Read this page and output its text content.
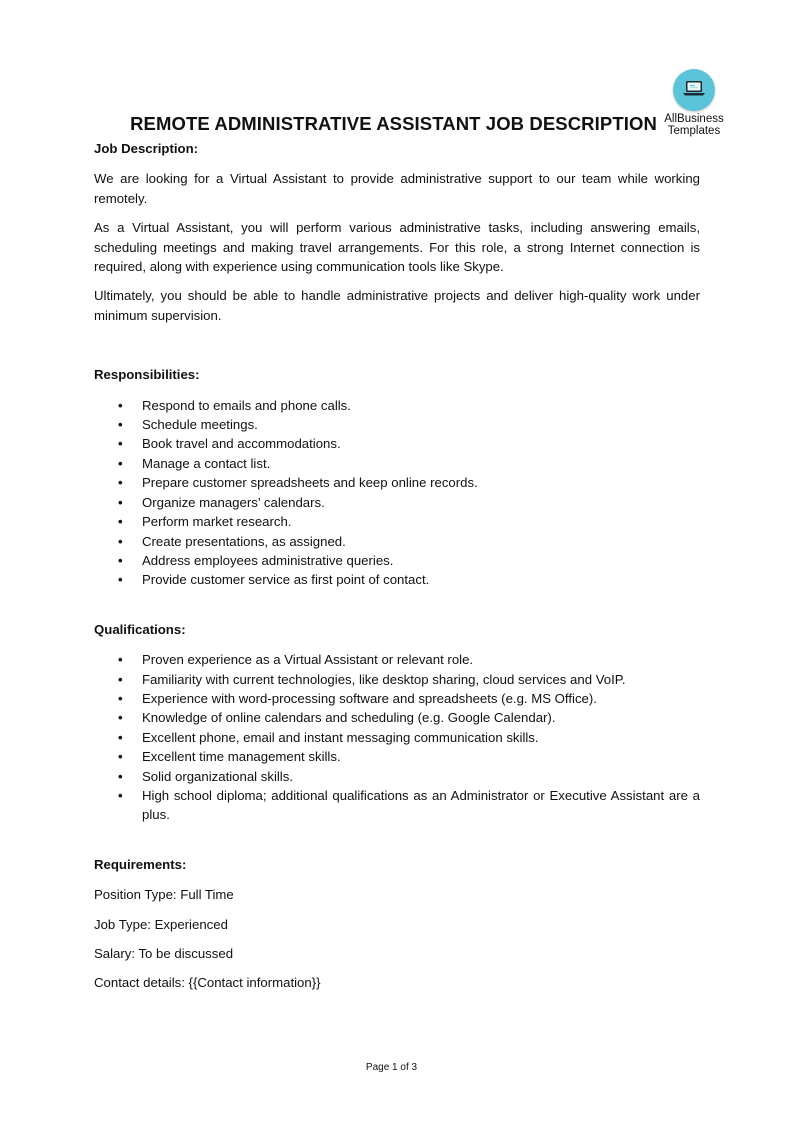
AllBusiness
Templates
REMOTE ADMINISTRATIVE ASSISTANT JOB DESCRIPTION

Job Description:

We are looking for a Virtual Assistant to provide administrative support to our team while working remotely.

As a Virtual Assistant, you will perform various administrative tasks, including answering emails, scheduling meetings and making travel arrangements. For this role, a strong Internet connection is required, along with experience using communication tools like Skype.

Ultimately, you should be able to handle administrative projects and deliver high-quality work under minimum supervision.

Responsibilities:

• Respond to emails and phone calls.
• Schedule meetings.
• Book travel and accommodations.
• Manage a contact list.
• Prepare customer spreadsheets and keep online records.
• Organize managers’ calendars.
• Perform market research.
• Create presentations, as assigned.
• Address employees administrative queries.
• Provide customer service as first point of contact.

Qualifications:

• Proven experience as a Virtual Assistant or relevant role.
• Familiarity with current technologies, like desktop sharing, cloud services and VoIP.
• Experience with word-processing software and spreadsheets (e.g. MS Office).
• Knowledge of online calendars and scheduling (e.g. Google Calendar).
• Excellent phone, email and instant messaging communication skills.
• Excellent time management skills.
• Solid organizational skills.
• High school diploma; additional qualifications as an Administrator or Executive Assistant are a plus.

Requirements:

Position Type: Full Time

Job Type: Experienced

Salary: To be discussed

Contact details: {{Contact information}}

Page 1 of 3
